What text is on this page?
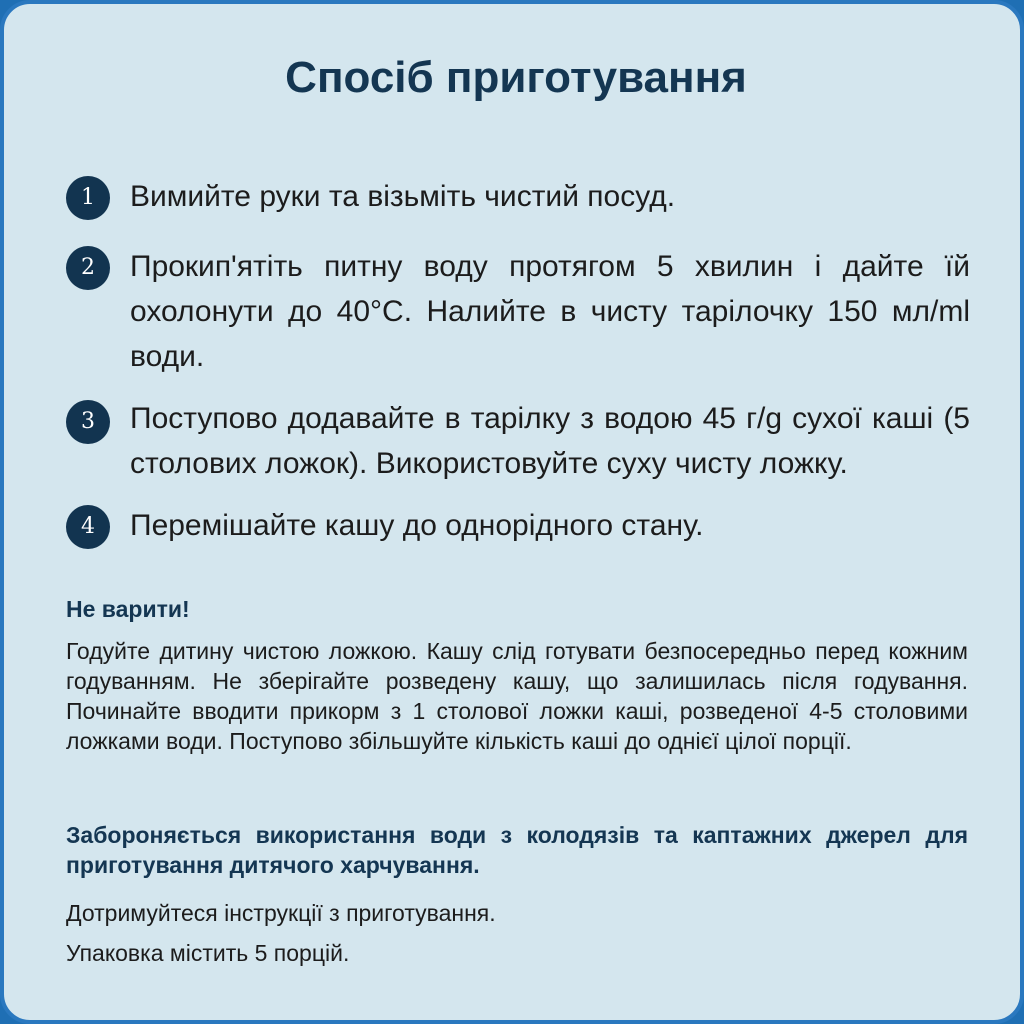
Спосіб приготування
1	Вимийте руки та візьміть чистий посуд.
2	Прокип'ятіть питну воду протягом 5 хвилин і дайте їй охолонути до 40°С. Налийте в чисту тарілочку 150 мл/ml води.
3	Поступово додавайте в тарілку з водою 45 г/g сухої каші (5 столових ложок). Використовуйте суху чисту ложку.
4	Перемішайте кашу до однорідного стану.
Не варити!
Годуйте дитину чистою ложкою. Кашу слід готувати безпосередньо перед кожним годуванням. Не зберігайте розведену кашу, що залишилась після годування. Починайте вводити прикорм з 1 столової ложки каші, розведеної 4-5 столовими ложками води. Поступово збільшуйте кількість каші до однієї цілої порції.
Забороняється використання води з колодязів та каптажних джерел для приготування дитячого харчування.
Дотримуйтеся інструкції з приготування.
Упаковка містить 5 порцій.
